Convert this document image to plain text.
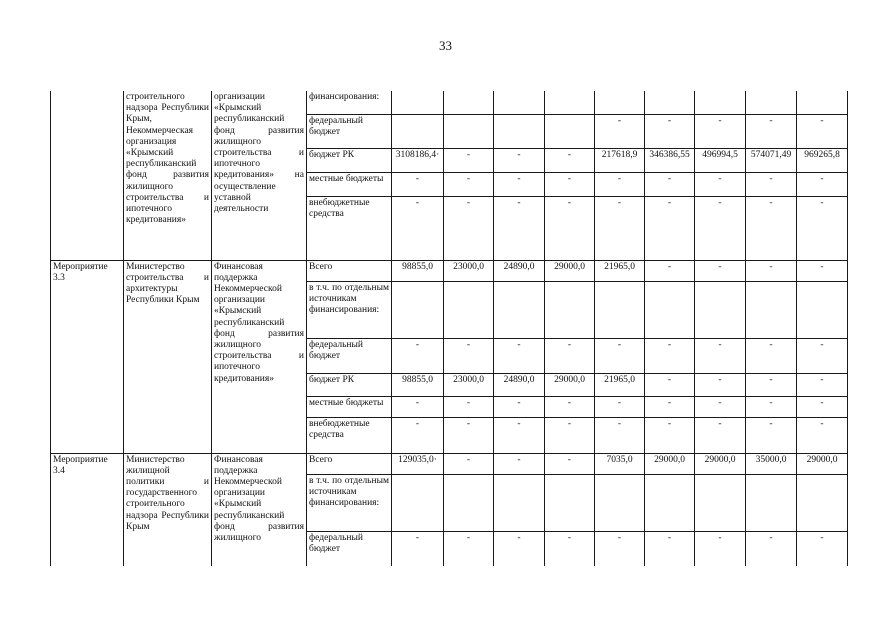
33
	строительного надзора Республики Крым, Некоммерческая организация «Крымский республиканский фонд развития жилищного строительства и ипотечного кредитования»	организации «Крымский республиканский фонд развития жилищного строительства и ипотечного кредитования» на осуществление уставной деятельности	финансирования:									
			федеральный бюджет					-	-	-	-	-
			бюджет РК	3108186,4·	-	-	-	217618,9	346386,55	496994,5	574071,49	969265,8
			местные бюджеты	-	-	-	-	-	-	-	-	-
			внебюджетные средства	-	-	-	-	-	-	-	-	-
Мероприятие 3.3	Министерство строительства и архитектуры Республики Крым	Финансовая поддержка Некоммерческой организации «Крымский республиканский фонд развития жилищного строительства и ипотечного кредитования»	Всего	98855,0	23000,0	24890,0	29000,0	21965,0	-	-	-	-
			в т.ч. по отдельным источникам финансирования:									
			федеральный бюджет	-	-	-	-	-	-	-	-	-
			бюджет РК	98855,0	23000,0	24890,0	29000,0	21965,0	-	-	-	-
			местные бюджеты	-	-	-	-	-	-	-	-	-
			внебюджетные средства	-	-	-	-	-	-	-	-	-
Мероприятие 3.4	Министерство жилищной политики и государственного строительного надзора Республики Крым	Финансовая поддержка Некоммерческой организации «Крымский республиканский фонд развития жилищного	Всего	129035,0·	-	-	-	7035,0	29000,0	29000,0	35000,0	29000,0
			в т.ч. по отдельным источникам финансирования:									
			федеральный бюджет	-	-	-	-	-	-	-	-	-
